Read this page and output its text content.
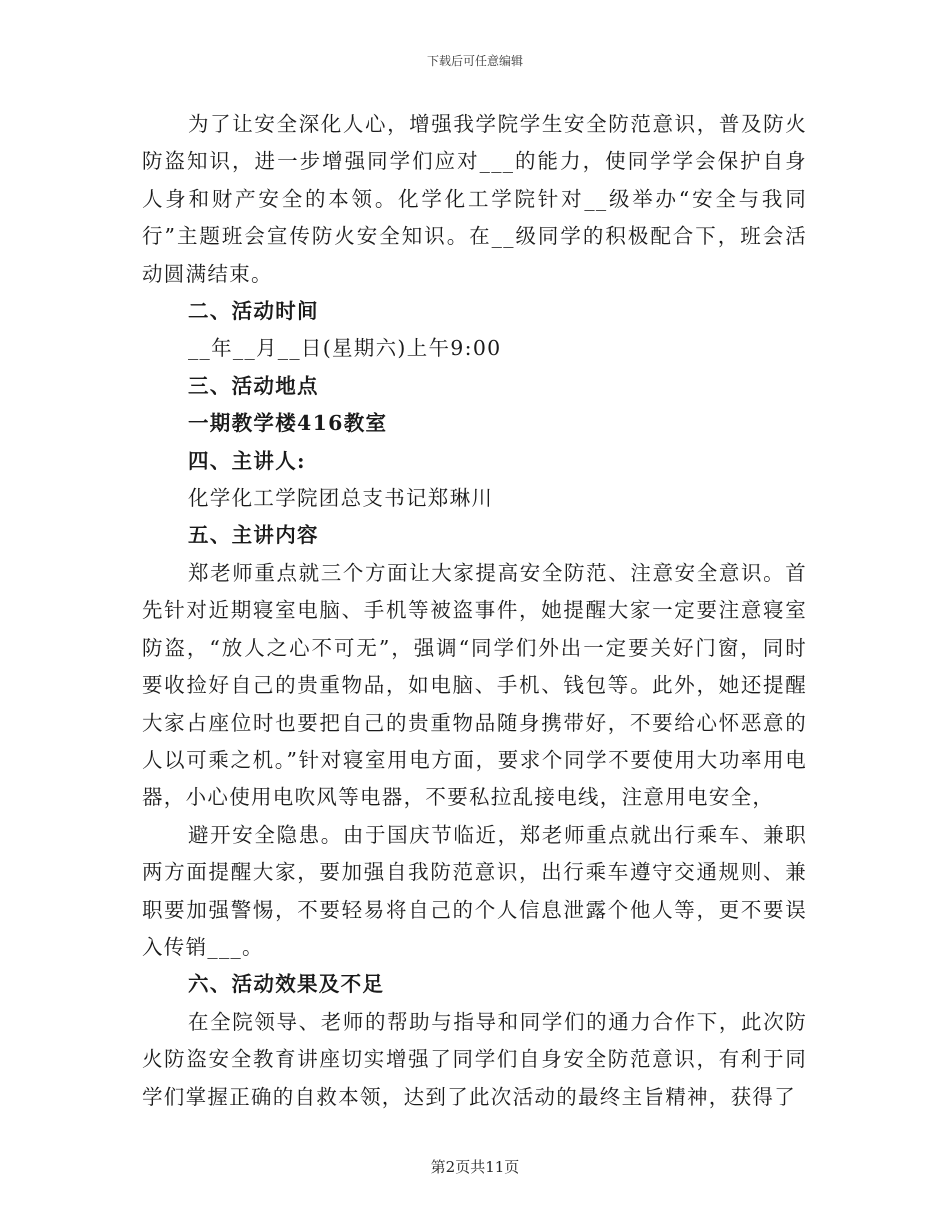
下载后可任意编辑

为了让安全深化人心，增强我学院学生安全防范意识，普及防火防盗知识，进一步增强同学们应对___的能力，使同学学会保护自身人身和财产安全的本领。化学化工学院针对__级举办“安全与我同行”主题班会宣传防火安全知识。在__级同学的积极配合下，班会活动圆满结束。

二、活动时间

__年__月__日(星期六)上午9:00

三、活动地点

一期教学楼416教室

四、主讲人:

化学化工学院团总支书记郑琳川

五、主讲内容

郑老师重点就三个方面让大家提高安全防范、注意安全意识。首先针对近期寝室电脑、手机等被盗事件，她提醒大家一定要注意寝室防盗，“放人之心不可无”，强调“同学们外出一定要关好门窗，同时要收捡好自己的贵重物品，如电脑、手机、钱包等。此外，她还提醒大家占座位时也要把自己的贵重物品随身携带好，不要给心怀恶意的人以可乘之机。”针对寝室用电方面，要求个同学不要使用大功率用电器，小心使用电吹风等电器，不要私拉乱接电线，注意用电安全，

避开安全隐患。由于国庆节临近，郑老师重点就出行乘车、兼职两方面提醒大家，要加强自我防范意识，出行乘车遵守交通规则、兼职要加强警惕，不要轻易将自己的个人信息泄露个他人等，更不要误入传销___。

六、活动效果及不足

在全院领导、老师的帮助与指导和同学们的通力合作下，此次防火防盗安全教育讲座切实增强了同学们自身安全防范意识，有利于同学们掌握正确的自救本领，达到了此次活动的最终主旨精神，获得了

第2页共11页
